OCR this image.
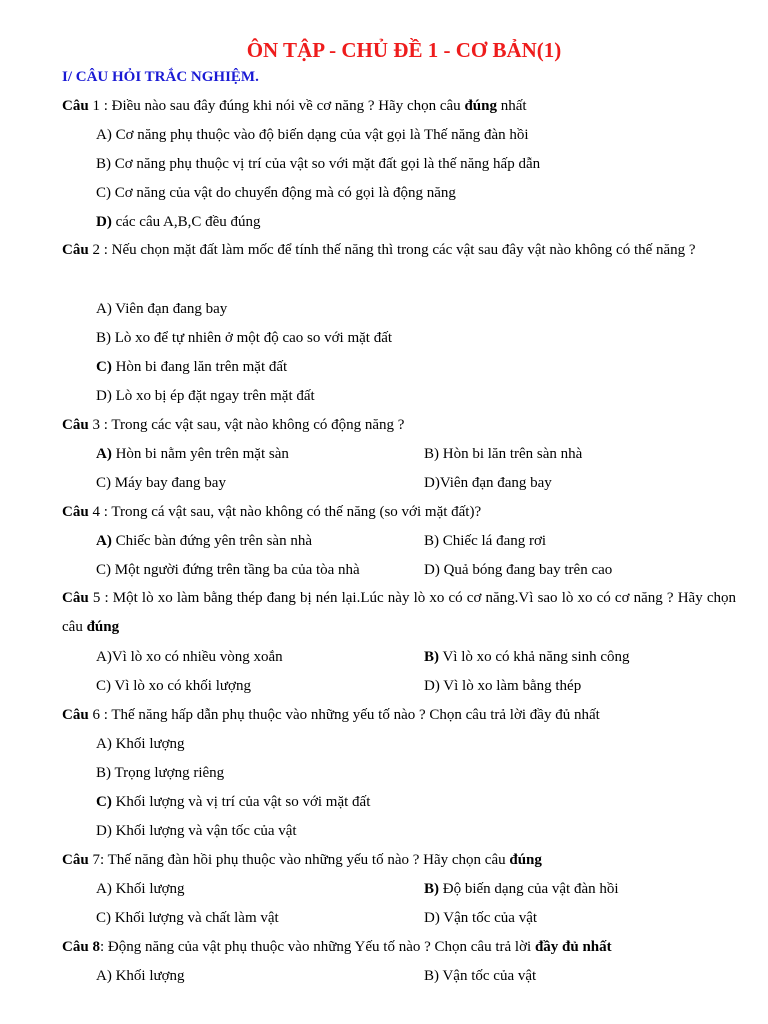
ÔN TẬP - CHỦ ĐỀ 1 - CƠ BẢN(1)
I/ CÂU HỎI TRẮC NGHIỆM.
Câu 1 : Điều nào sau đây đúng khi nói về cơ năng ? Hãy chọn câu đúng nhất
A) Cơ năng phụ thuộc vào độ biến dạng của vật gọi là Thế năng đàn hồi
B) Cơ năng phụ thuộc vị trí của vật so với mặt đất gọi là thế năng hấp dẫn
C) Cơ năng của vật do chuyển động mà có gọi là động năng
D) các câu A,B,C đều đúng
Câu 2 : Nếu chọn mặt đất làm mốc để tính thế năng thì trong các vật sau đây vật nào không có thế năng ?
A) Viên đạn đang bay
B) Lò xo để tự nhiên ở một độ cao so với mặt đất
C) Hòn bi đang lăn trên mặt đất
D) Lò xo bị ép đặt ngay trên mặt đất
Câu 3 : Trong các vật sau, vật nào không có động năng ?
A) Hòn bi nằm yên trên mặt sàn	B) Hòn bi lăn trên sàn nhà
C) Máy bay đang bay	D)Viên đạn đang bay
Câu 4 : Trong cá vật sau, vật nào không có thế năng (so với mặt đất)?
A) Chiếc bàn đứng yên trên sàn nhà	B) Chiếc lá đang rơi
C) Một người đứng trên tầng ba của tòa nhà	D) Quả bóng đang bay trên cao
Câu 5 : Một lò xo làm bằng thép đang bị nén lại.Lúc này lò xo có cơ năng.Vì sao lò xo có cơ năng ? Hãy chọn câu đúng
A)Vì lò xo có nhiều vòng xoắn	B) Vì lò xo có khả năng sinh công
C) Vì lò xo có khối lượng	D) Vì lò xo làm bằng thép
Câu 6 : Thế năng hấp dẫn phụ thuộc vào những yếu tố nào ? Chọn câu trả lời đầy đủ nhất
A) Khối lượng
B) Trọng lượng riêng
C) Khối lượng và vị trí của vật so với mặt đất
D) Khối lượng và vận tốc của vật
Câu 7: Thế năng đàn hồi phụ thuộc vào những yếu tố nào ? Hãy chọn câu đúng
A) Khối lượng	B) Độ biến dạng của vật đàn hồi
C) Khối lượng và chất làm vật	D) Vận tốc của vật
Câu 8: Động năng của vật phụ thuộc vào những Yếu tố nào ? Chọn câu trả lời đầy đủ nhất
A) Khối lượng	B) Vận tốc của vật
